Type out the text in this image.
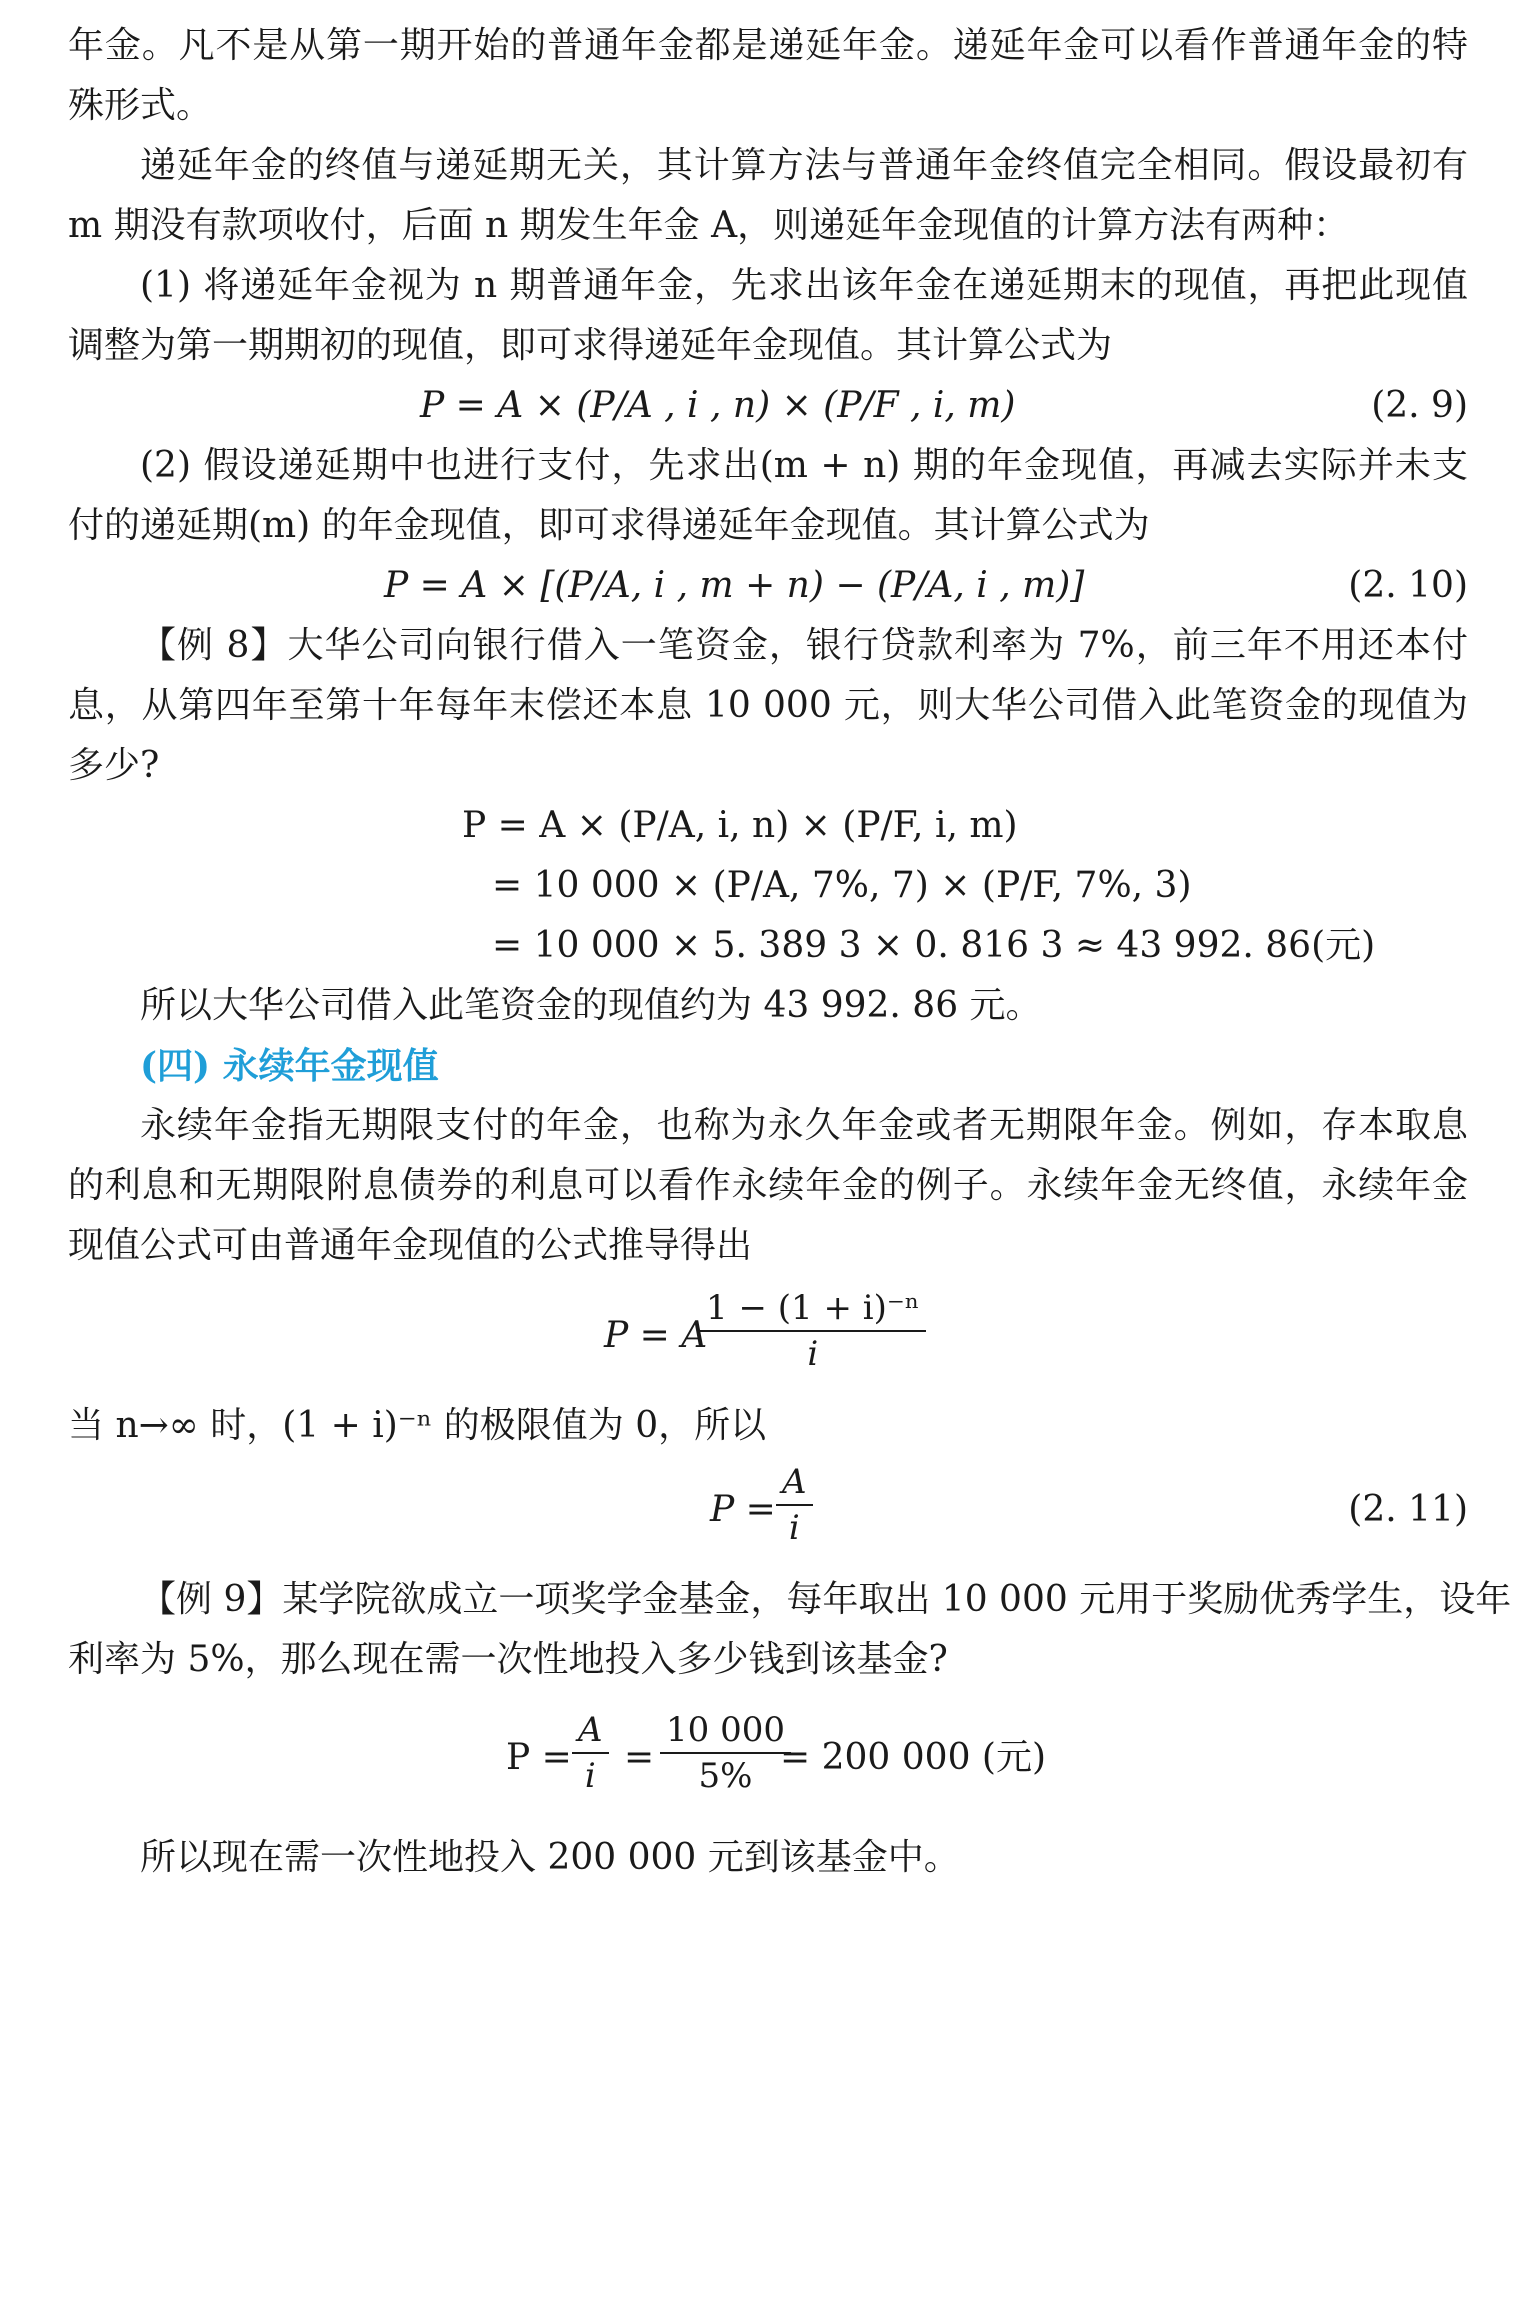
年金。凡不是从第一期开始的普通年金都是递延年金。递延年金可以看作普通年金的特
殊形式。
递延年金的终值与递延期无关，其计算方法与普通年金终值完全相同。假设最初有
m 期没有款项收付，后面 n 期发生年金 A，则递延年金现值的计算方法有两种：
(1) 将递延年金视为 n 期普通年金，先求出该年金在递延期末的现值，再把此现值
调整为第一期期初的现值，即可求得递延年金现值。其计算公式为
P = A × (P/A , i , n) × (P/F , i, m)	(2. 9)
(2) 假设递延期中也进行支付，先求出(m + n) 期的年金现值，再减去实际并未支
付的递延期(m) 的年金现值，即可求得递延年金现值。其计算公式为
P = A × [(P/A, i , m + n) − (P/A, i , m)]	(2. 10)
【例 8】大华公司向银行借入一笔资金，银行贷款利率为 7%，前三年不用还本付
息，从第四年至第十年每年末偿还本息 10 000 元，则大华公司借入此笔资金的现值为
多少?
P = A × (P/A, i, n) × (P/F, i, m)
= 10 000 × (P/A, 7%, 7) × (P/F, 7%, 3)
= 10 000 × 5. 389 3 × 0. 816 3 ≈ 43 992. 86(元)
所以大华公司借入此笔资金的现值约为 43 992. 86 元。
(四) 永续年金现值
永续年金指无期限支付的年金，也称为永久年金或者无期限年金。例如，存本取息
的利息和无期限附息债券的利息可以看作永续年金的例子。永续年金无终值，永续年金
现值公式可由普通年金现值的公式推导得出
P = A
$\frac{\text{1 − (1 + i)⁻ⁿ}}{i}$
当 n→∞ 时，(1 + i)⁻ⁿ 的极限值为 0，所以
$P = \frac{A}{i}$	(2. 11)
【例 9】某学院欲成立一项奖学金基金，每年取出 10 000 元用于奖励优秀学生，设年
利率为 5%，那么现在需一次性地投入多少钱到该基金?
$P = \frac{A}{i} = \frac{10 000}{5\%}$
= 200 000 (元)
所以现在需一次性地投入 200 000 元到该基金中。
